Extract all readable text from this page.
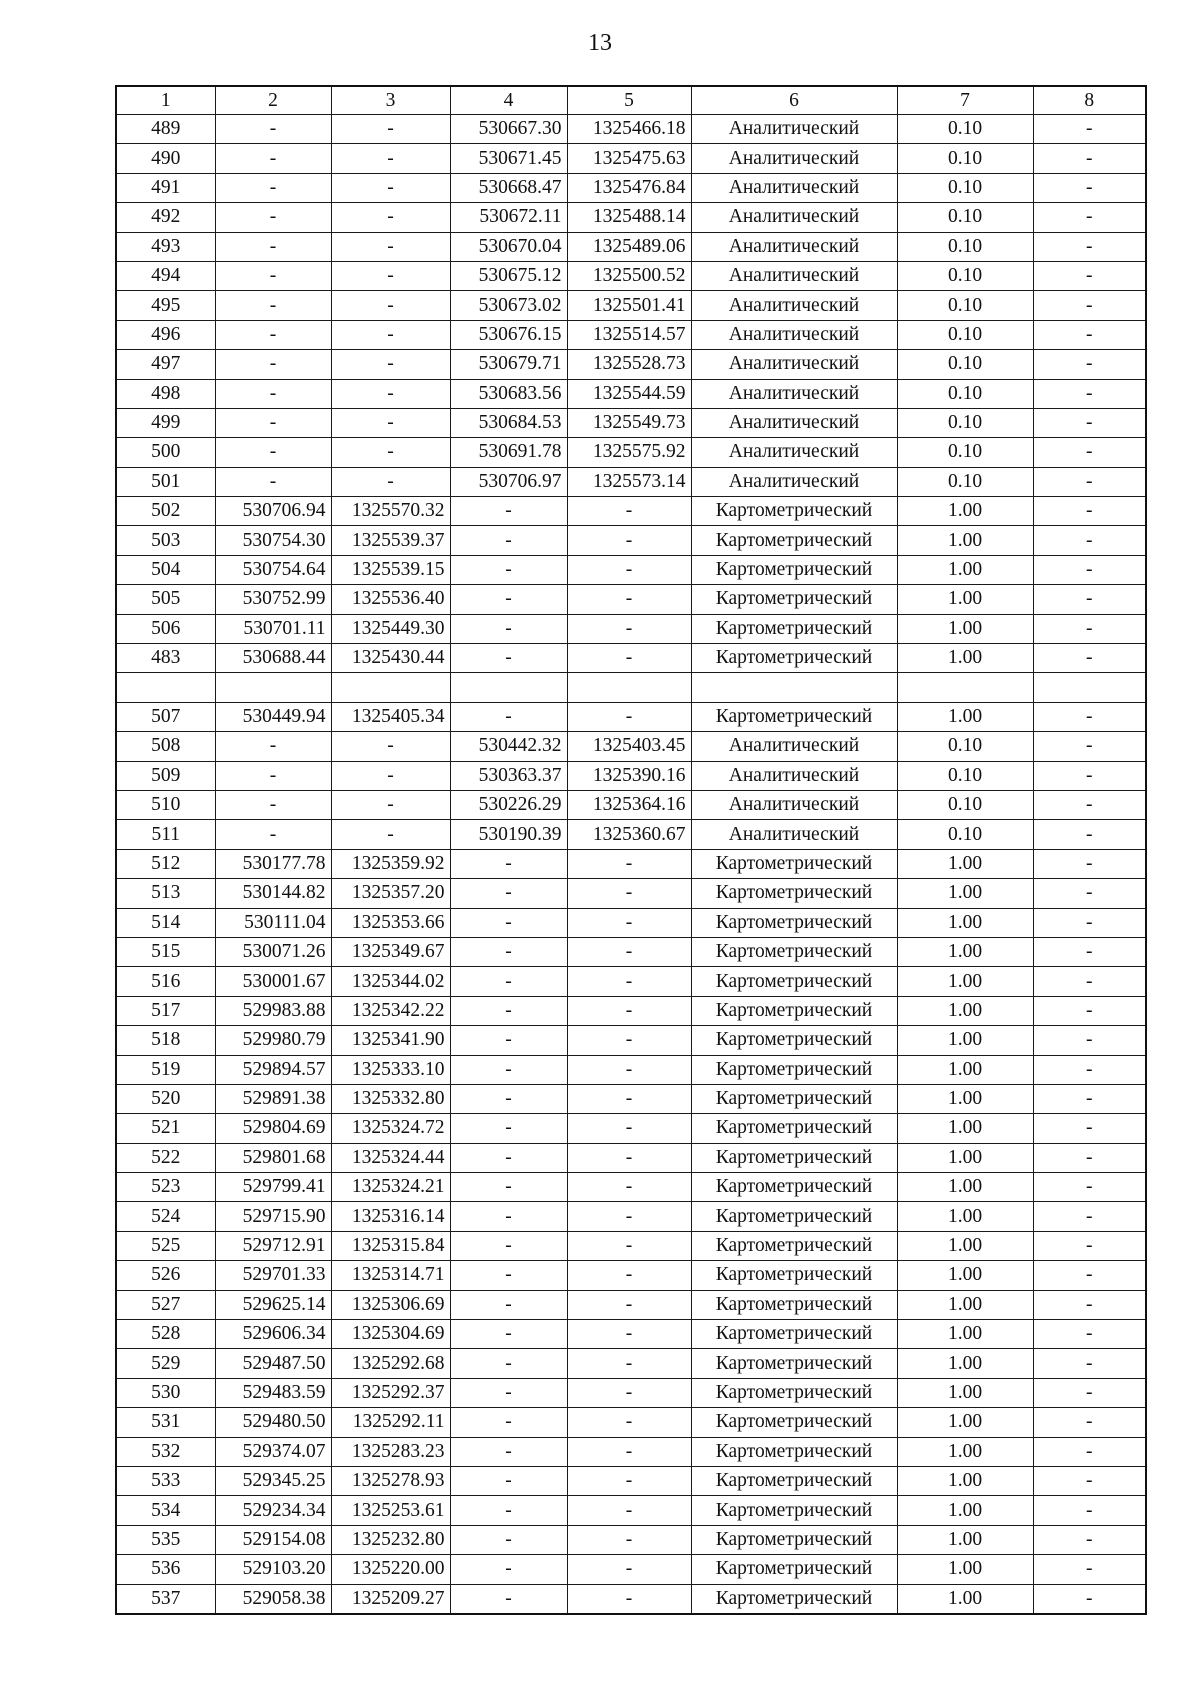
13
1	2	3	4	5	6	7	8
489	-	-	530667.30	1325466.18	Аналитический	0.10	-
490	-	-	530671.45	1325475.63	Аналитический	0.10	-
491	-	-	530668.47	1325476.84	Аналитический	0.10	-
492	-	-	530672.11	1325488.14	Аналитический	0.10	-
493	-	-	530670.04	1325489.06	Аналитический	0.10	-
494	-	-	530675.12	1325500.52	Аналитический	0.10	-
495	-	-	530673.02	1325501.41	Аналитический	0.10	-
496	-	-	530676.15	1325514.57	Аналитический	0.10	-
497	-	-	530679.71	1325528.73	Аналитический	0.10	-
498	-	-	530683.56	1325544.59	Аналитический	0.10	-
499	-	-	530684.53	1325549.73	Аналитический	0.10	-
500	-	-	530691.78	1325575.92	Аналитический	0.10	-
501	-	-	530706.97	1325573.14	Аналитический	0.10	-
502	530706.94	1325570.32	-	-	Картометрический	1.00	-
503	530754.30	1325539.37	-	-	Картометрический	1.00	-
504	530754.64	1325539.15	-	-	Картометрический	1.00	-
505	530752.99	1325536.40	-	-	Картометрический	1.00	-
506	530701.11	1325449.30	-	-	Картометрический	1.00	-
483	530688.44	1325430.44	-	-	Картометрический	1.00	-

507	530449.94	1325405.34	-	-	Картометрический	1.00	-
508	-	-	530442.32	1325403.45	Аналитический	0.10	-
509	-	-	530363.37	1325390.16	Аналитический	0.10	-
510	-	-	530226.29	1325364.16	Аналитический	0.10	-
511	-	-	530190.39	1325360.67	Аналитический	0.10	-
512	530177.78	1325359.92	-	-	Картометрический	1.00	-
513	530144.82	1325357.20	-	-	Картометрический	1.00	-
514	530111.04	1325353.66	-	-	Картометрический	1.00	-
515	530071.26	1325349.67	-	-	Картометрический	1.00	-
516	530001.67	1325344.02	-	-	Картометрический	1.00	-
517	529983.88	1325342.22	-	-	Картометрический	1.00	-
518	529980.79	1325341.90	-	-	Картометрический	1.00	-
519	529894.57	1325333.10	-	-	Картометрический	1.00	-
520	529891.38	1325332.80	-	-	Картометрический	1.00	-
521	529804.69	1325324.72	-	-	Картометрический	1.00	-
522	529801.68	1325324.44	-	-	Картометрический	1.00	-
523	529799.41	1325324.21	-	-	Картометрический	1.00	-
524	529715.90	1325316.14	-	-	Картометрический	1.00	-
525	529712.91	1325315.84	-	-	Картометрический	1.00	-
526	529701.33	1325314.71	-	-	Картометрический	1.00	-
527	529625.14	1325306.69	-	-	Картометрический	1.00	-
528	529606.34	1325304.69	-	-	Картометрический	1.00	-
529	529487.50	1325292.68	-	-	Картометрический	1.00	-
530	529483.59	1325292.37	-	-	Картометрический	1.00	-
531	529480.50	1325292.11	-	-	Картометрический	1.00	-
532	529374.07	1325283.23	-	-	Картометрический	1.00	-
533	529345.25	1325278.93	-	-	Картометрический	1.00	-
534	529234.34	1325253.61	-	-	Картометрический	1.00	-
535	529154.08	1325232.80	-	-	Картометрический	1.00	-
536	529103.20	1325220.00	-	-	Картометрический	1.00	-
537	529058.38	1325209.27	-	-	Картометрический	1.00	-
